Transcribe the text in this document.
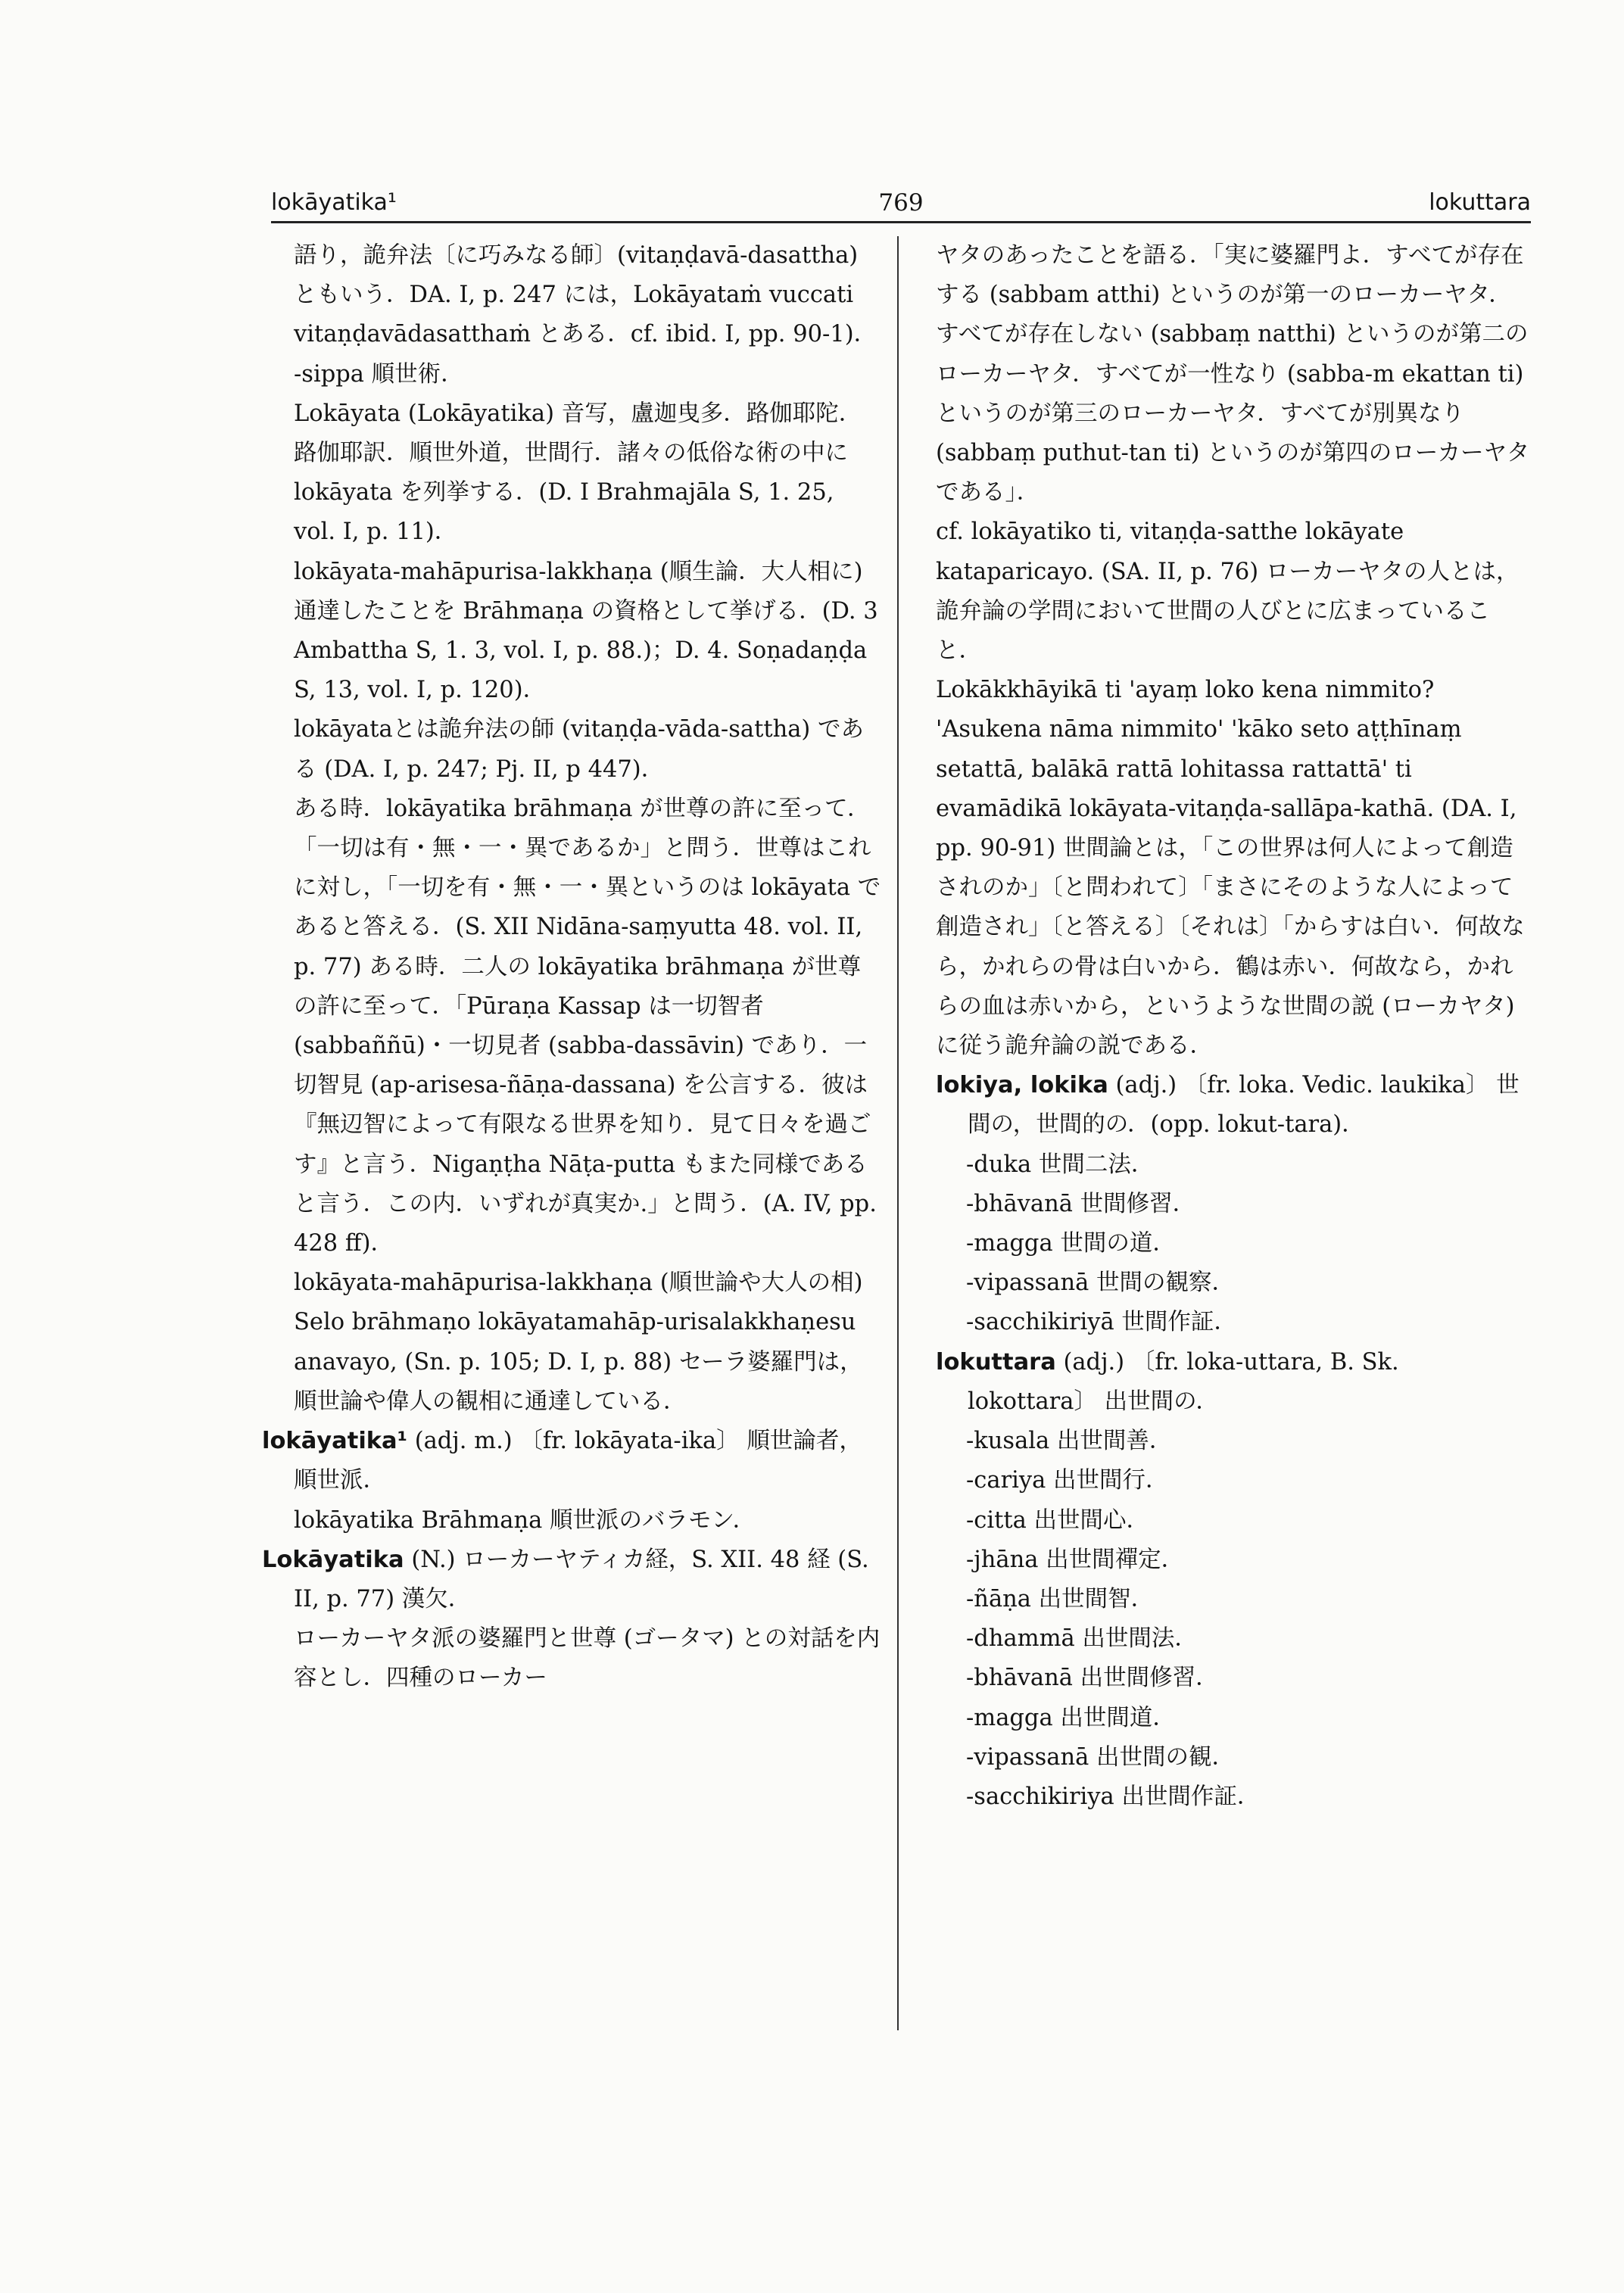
lokāyatika¹	769	lokuttara

語り，詭弁法〔に巧みなる師〕(vitaṇḍavā-dasattha) ともいう．DA. I, p. 247 には，Lokāyataṁ vuccati vitaṇḍavādasatthaṁ とある．cf. ibid. I, pp. 90-1)．

-sippa 順世術．

Lokāyata (Lokāyatika) 音写，盧迦曳多．路伽耶陀．路伽耶訳．順世外道，世間行．諸々の低俗な術の中に lokāyata を列挙する．(D. I Brahmajāla S, 1. 25, vol. I, p. 11)．

lokāyata-mahāpurisa-lakkhaṇa (順生論．大人相に) 通達したことを Brāhmaṇa の資格として挙げる．(D. 3 Ambattha S, 1. 3, vol. I, p. 88.)；D. 4. Soṇadaṇḍa S, 13, vol. I, p. 120)．

lokāyataとは詭弁法の師 (vitaṇḍa-vāda-sattha) である (DA. I, p. 247; Pj. II, p 447)．

ある時．lokāyatika brāhmaṇa が世尊の許に至って．「一切は有・無・一・異であるか」と問う．世尊はこれに対し，「一切を有・無・一・異というのは lokāyata であると答える．(S. XII Nidāna-saṃyutta 48. vol. II, p. 77) ある時．二人の lokāyatika brāhmaṇa が世尊の許に至って．「Pūraṇa Kassap は一切智者 (sabbaññū)・一切見者 (sabba-dassāvin) であり．一切智見 (ap-arisesa-ñāṇa-dassana) を公言する．彼は『無辺智によって有限なる世界を知り．見て日々を過ごす』と言う．Nigaṇṭha Nāṭa-putta もまた同様であると言う．この内．いずれが真実か.」と問う．(A. IV, pp. 428 ff)．

lokāyata-mahāpurisa-lakkhaṇa (順世論や大人の相) Selo brāhmaṇo lokāyatamahāp-urisalakkhaṇesu anavayo, (Sn. p. 105; D. I, p. 88) セーラ婆羅門は，順世論や偉人の観相に通達している．

lokāyatika¹ (adj. m.) 〔fr. lokāyata-ika〕 順世論者，順世派．

lokāyatika Brāhmaṇa 順世派のバラモン．

Lokāyatika (N.) ローカーヤティカ経，S. XII. 48 経 (S. II, p. 77) 漢欠．

ローカーヤタ派の婆羅門と世尊 (ゴータマ) との対話を内容とし．四種のローカー

ヤタのあったことを語る．「実に婆羅門よ．すべてが存在する (sabbam atthi) というのが第一のローカーヤタ．すべてが存在しない (sabbaṃ natthi) というのが第二のローカーヤタ．すべてが一性なり (sabba-m ekattan ti) というのが第三のローカーヤタ．すべてが別異なり (sabbaṃ puthut-tan ti) というのが第四のローカーヤタである」．

cf. lokāyatiko ti, vitaṇḍa-satthe lokāyate kataparicayo. (SA. II, p. 76) ローカーヤタの人とは，詭弁論の学問において世間の人びとに広まっていること．

Lokākkhāyikā ti 'ayaṃ loko kena nimmito? 'Asukena nāma nimmito' 'kāko seto aṭṭhīnaṃ setattā, balākā rattā lohitassa rattattā' ti evamādikā lokāyata-vitaṇḍa-sallāpa-kathā. (DA. I, pp. 90-91) 世間論とは，「この世界は何人によって創造されのか」〔と問われて〕「まさにそのような人によって創造され」〔と答える〕〔それは〕「からすは白い．何故なら，かれらの骨は白いから．鶴は赤い．何故なら，かれらの血は赤いから，というような世間の説 (ローカヤタ) に従う詭弁論の説である．

lokiya, lokika (adj.) 〔fr. loka. Vedic. laukika〕 世間の，世間的の．(opp. lokut-tara)．

-duka 世間二法．

-bhāvanā 世間修習．

-magga 世間の道．

-vipassanā 世間の観察．

-sacchikiriyā 世間作証．

lokuttara (adj.) 〔fr. loka-uttara, B. Sk. lokottara〕 出世間の．

-kusala 出世間善．

-cariya 出世間行．

-citta 出世間心．

-jhāna 出世間禪定．

-ñāṇa 出世間智．

-dhammā 出世間法．

-bhāvanā 出世間修習．

-magga 出世間道．

-vipassanā 出世間の観．

-sacchikiriya 出世間作証．
